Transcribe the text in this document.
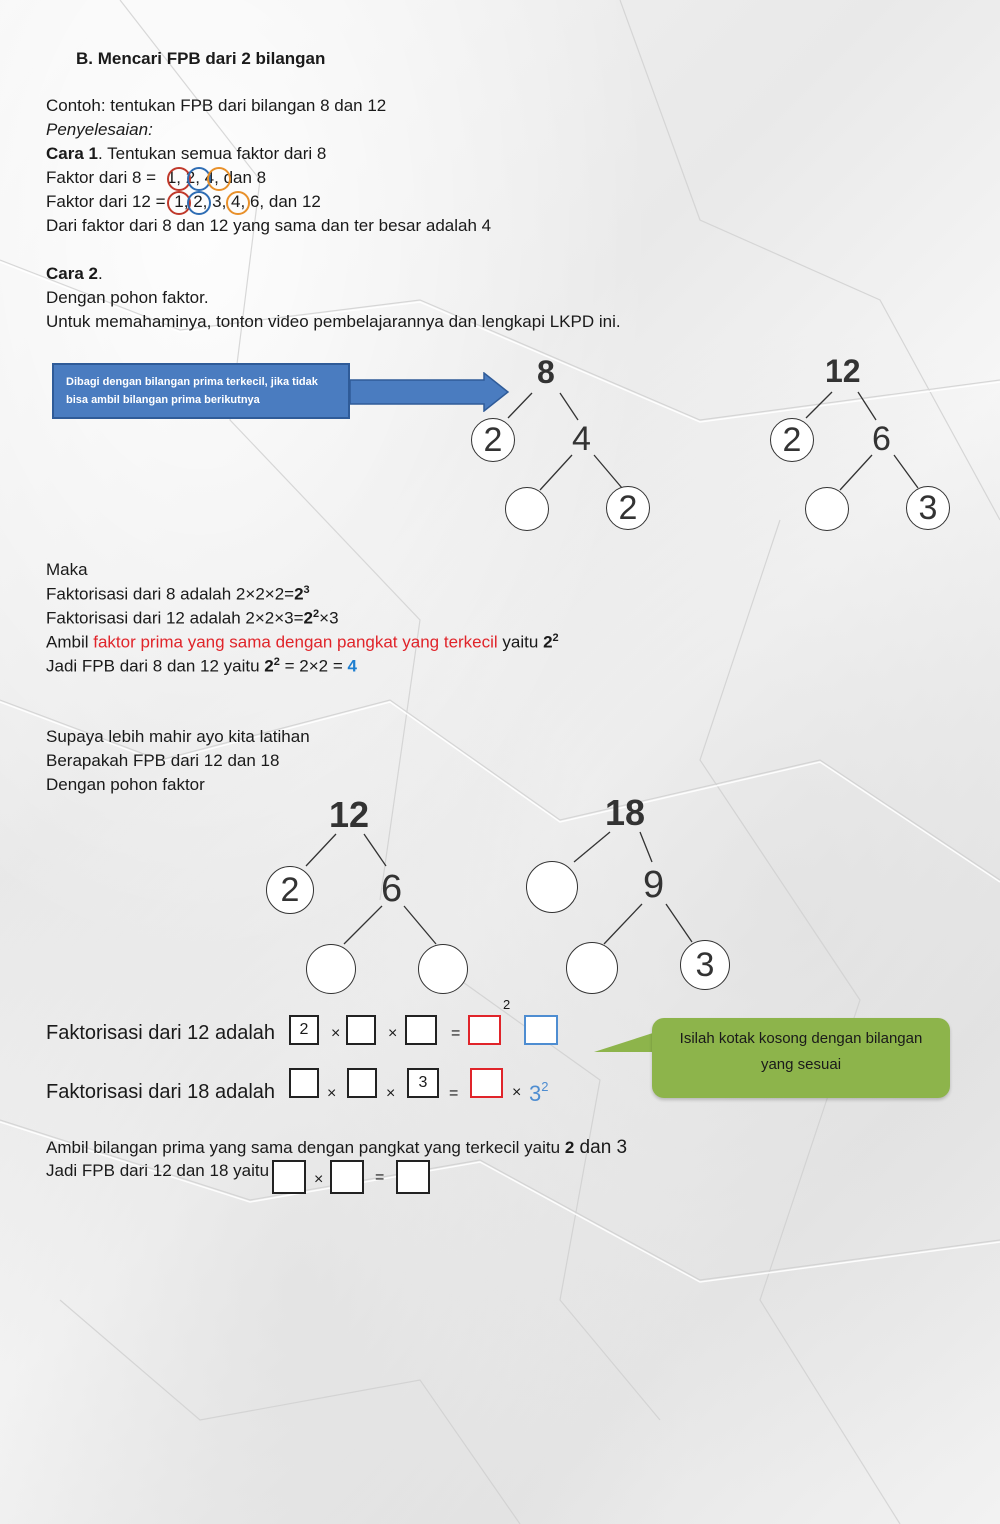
B. Mencari FPB dari 2 bilangan
Contoh: tentukan FPB dari bilangan 8 dan 12
Penyelesaian:
Cara 1. Tentukan semua faktor dari 8
Faktor dari 8 = 1, 2, 4, dan 8
Faktor dari 12 = 1, 2, 3, 4, 6, dan 12
Dari faktor dari 8 dan 12 yang sama dan ter besar adalah 4
Cara 2.
Dengan pohon faktor.
Untuk memahaminya, tonton video pembelajarannya dan lengkapi LKPD ini.
Dibagi dengan bilangan prima terkecil, jika tidak bisa ambil bilangan prima berikutnya
8
2 4
2
12
2 6
3
Maka
Faktorisasi dari 8 adalah $2\times 2\times 2=2^3$
Faktorisasi dari 12 adalah $2\times 2\times 3=2^2\times 3$
Ambil faktor prima yang sama dengan pangkat yang terkecil yaitu $2^2$
Jadi FPB dari 8 dan 12 yaitu $2^2 = 2\times 2 = 4$
Supaya lebih mahir ayo kita latihan
Berapakah FPB dari 12 dan 18
Dengan pohon faktor
12
2 6
18
9
3
Faktorisasi dari 12 adalah 2 ×	×	=
2
Faktorisasi dari 18 adalah	×	×
3
=	× $3^2$
Isilah kotak kosong dengan bilangan
yang sesuai
Ambil bilangan prima yang sama dengan pangkat yang terkecil yaitu 2 dan 3
Jadi FPB dari 12 dan 18 yaitu	×	=
